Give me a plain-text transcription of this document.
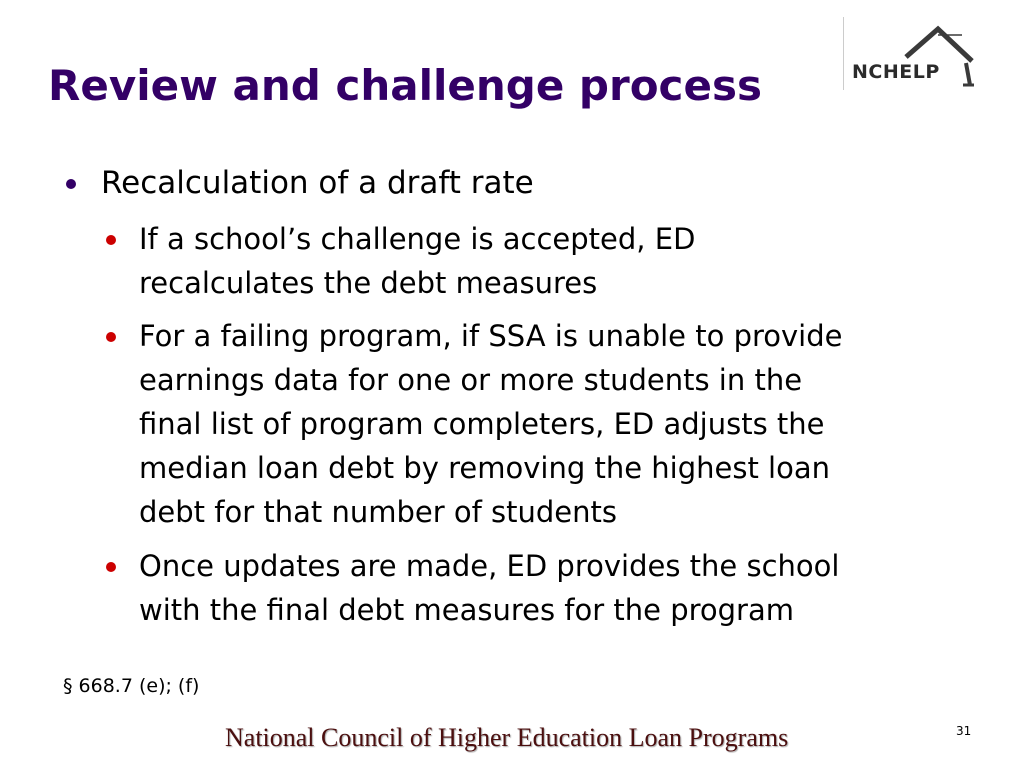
Review and challenge process	NCHELP
Recalculation of a draft rate
If a school’s challenge is accepted, ED
recalculates the debt measures
For a failing program, if SSA is unable to provide
earnings data for one or more students in the
final list of program completers, ED adjusts the
median loan debt by removing the highest loan
debt for that number of students
Once updates are made, ED provides the school
with the final debt measures for the program
§ 668.7 (e); (f)
National Council of Higher Education Loan Programs	31
